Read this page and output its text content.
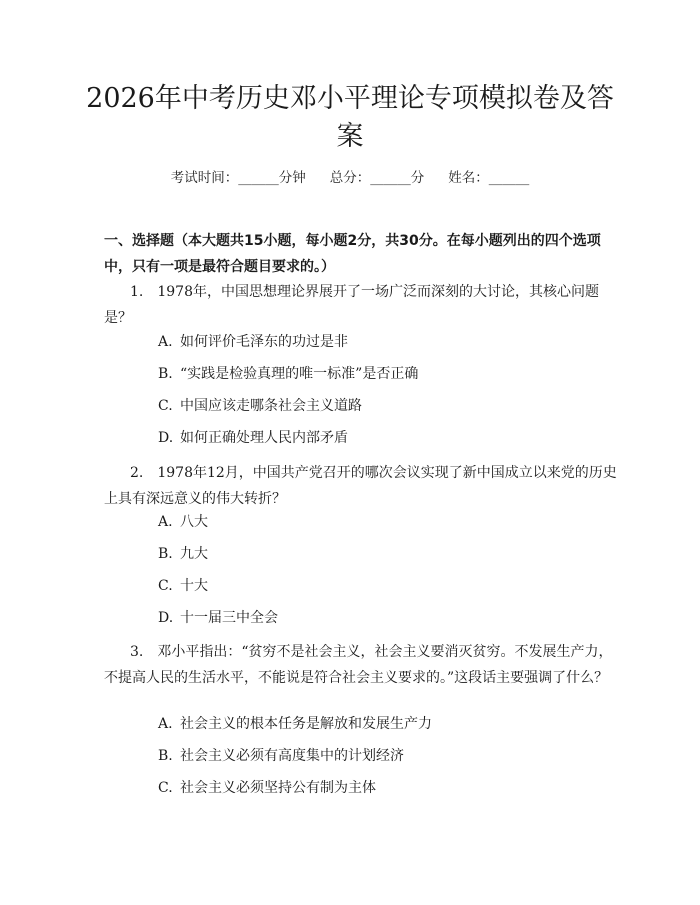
2026年中考历史邓小平理论专项模拟卷及答案
考试时间：______分钟 总分：______分 姓名：______
一、选择题（本大题共15小题，每小题2分，共30分。在每小题列出的四个选项中，只有一项是最符合题目要求的。）
1.　1978年，中国思想理论界展开了一场广泛而深刻的大讨论，其核心问题是？
A. 如何评价毛泽东的功过是非
B. “实践是检验真理的唯一标准”是否正确
C. 中国应该走哪条社会主义道路
D. 如何正确处理人民内部矛盾
2.　1978年12月，中国共产党召开的哪次会议实现了新中国成立以来党的历史上具有深远意义的伟大转折？
A. 八大
B. 九大
C. 十大
D. 十一届三中全会
3.　邓小平指出：“贫穷不是社会主义，社会主义要消灭贫穷。不发展生产力，不提高人民的生活水平，不能说是符合社会主义要求的。”这段话主要强调了什么？
A. 社会主义的根本任务是解放和发展生产力
B. 社会主义必须有高度集中的计划经济
C. 社会主义必须坚持公有制为主体
